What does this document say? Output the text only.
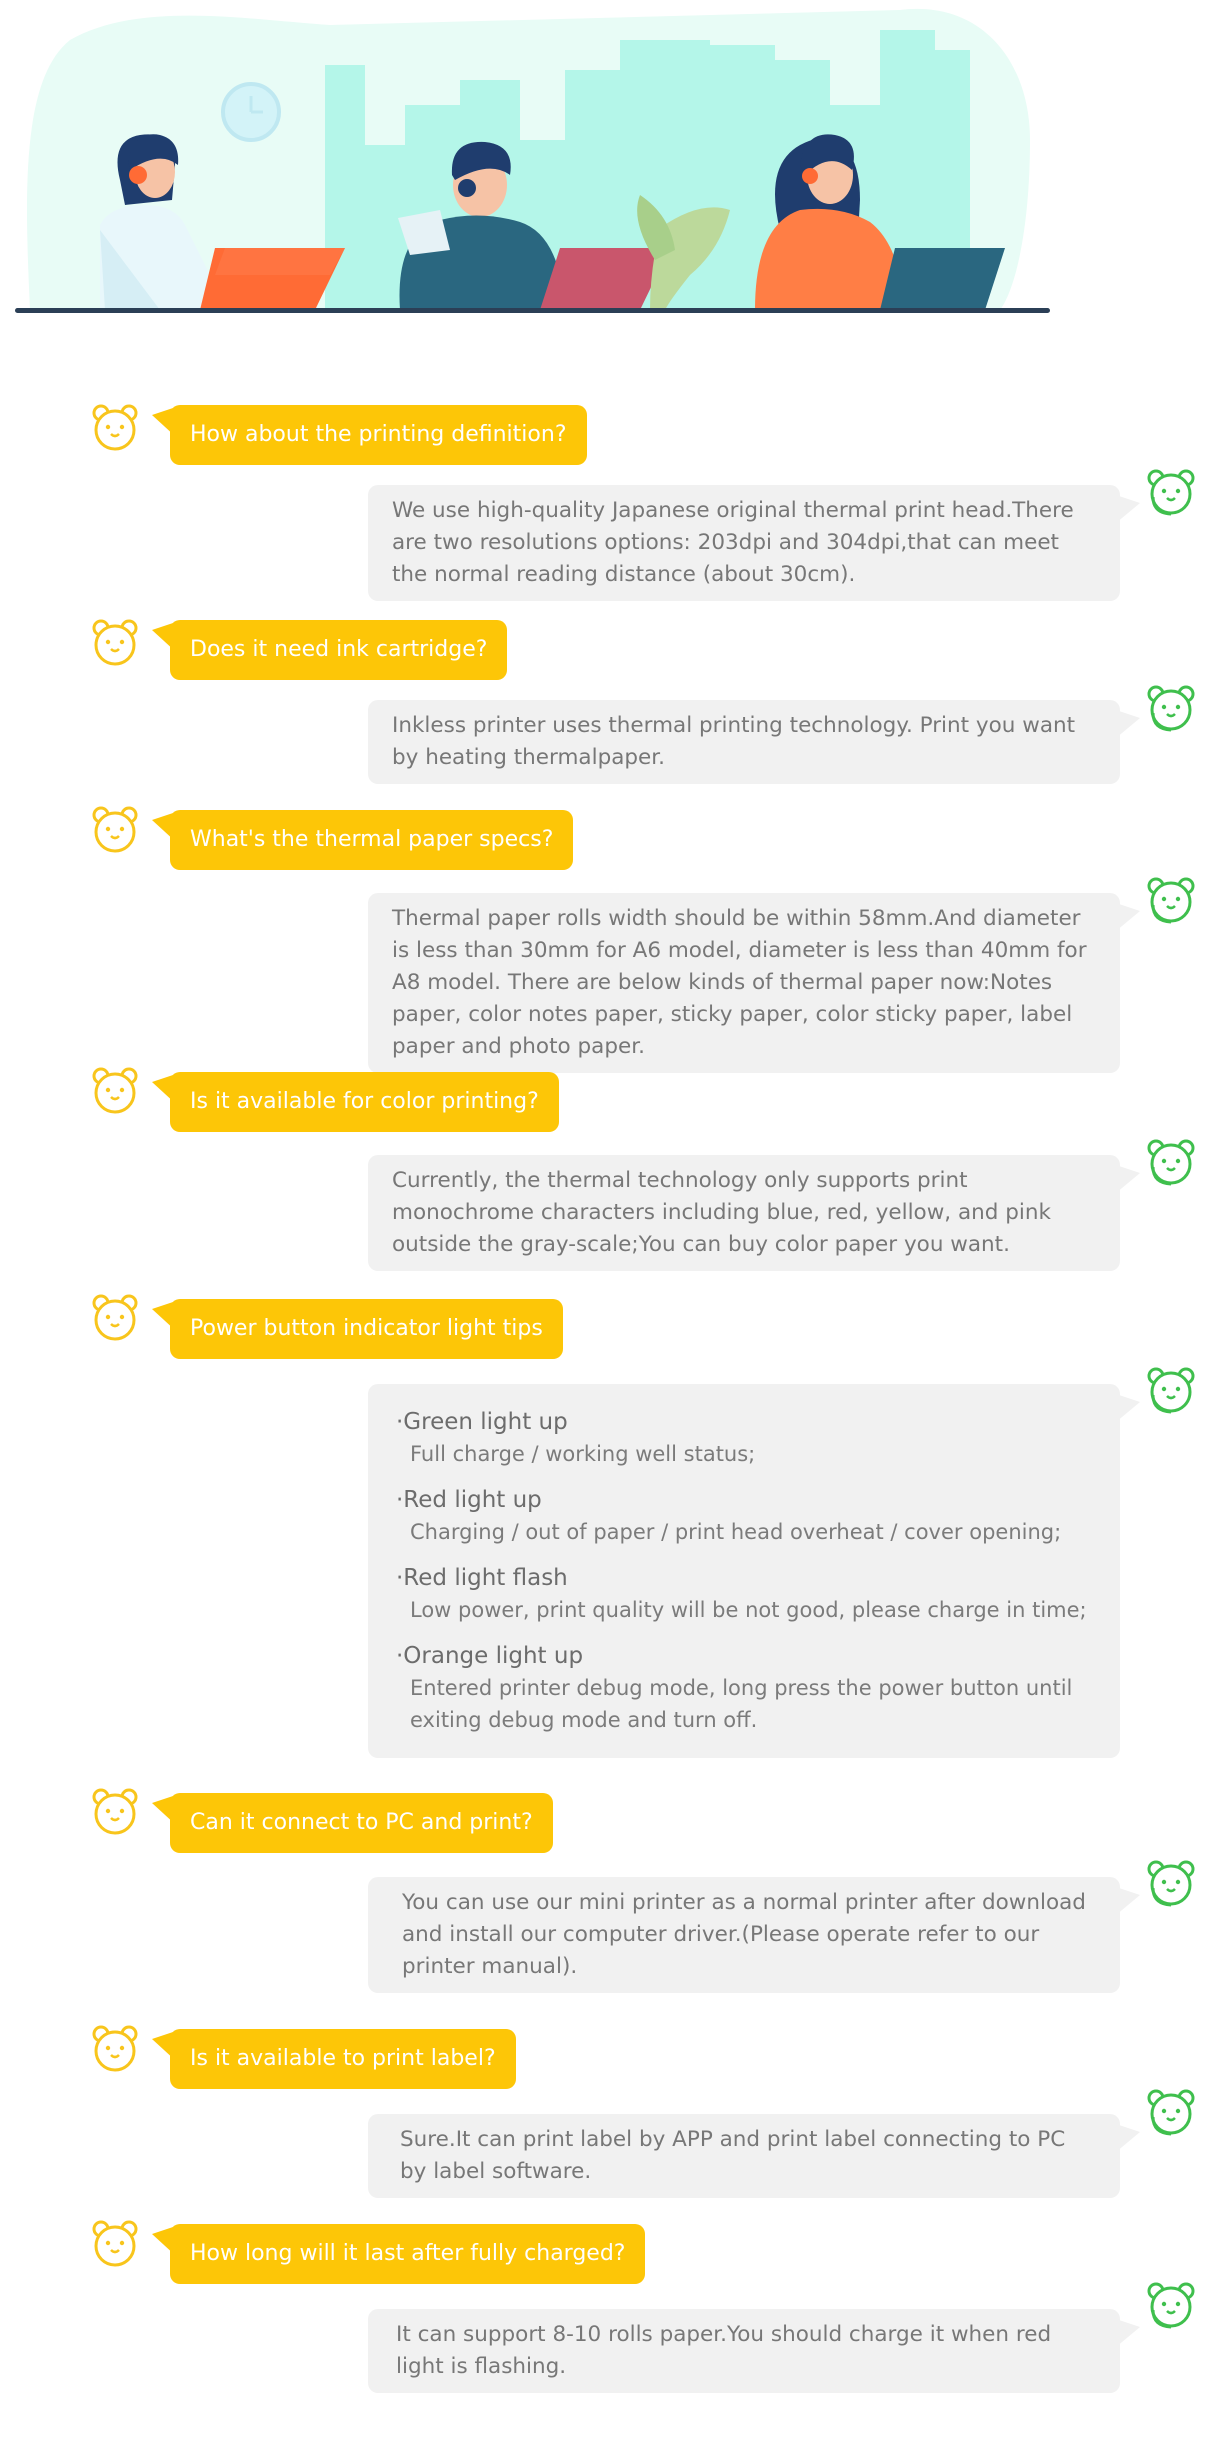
How about the printing definition?
We use high-quality Japanese original thermal print head.There are two resolutions options: 203dpi and 304dpi,that can meet the normal reading distance (about 30cm).
Does it need ink cartridge?
Inkless printer uses thermal printing technology. Print you want by heating thermalpaper.
What's the thermal paper specs?
Thermal paper rolls width should be within 58mm.And diameter is less than 30mm for A6 model, diameter is less than 40mm for A8 model. There are below kinds of thermal paper now:Notes paper, color notes paper, sticky paper, color sticky paper, label paper and photo paper.
Is it available for color printing?
Currently, the thermal technology only supports print monochrome characters including blue, red, yellow, and pink outside the gray-scale;You can buy color paper you want.
Power button indicator light tips
·Green light up
Full charge / working well status;
·Red light up
Charging / out of paper / print head overheat / cover opening;
·Red light flash
Low power, print quality will be not good, please charge in time;
·Orange light up
Entered printer debug mode, long press the power button until exiting debug mode and turn off.
Can it connect to PC and print?
You can use our mini printer as a normal printer after download and install our computer driver.(Please operate refer to our printer manual).
Is it available to print label?
Sure.It can print label by APP and print label connecting to PC by label software.
How long will it last after fully charged?
It can support 8-10 rolls paper.You should charge it when red light is flashing.
